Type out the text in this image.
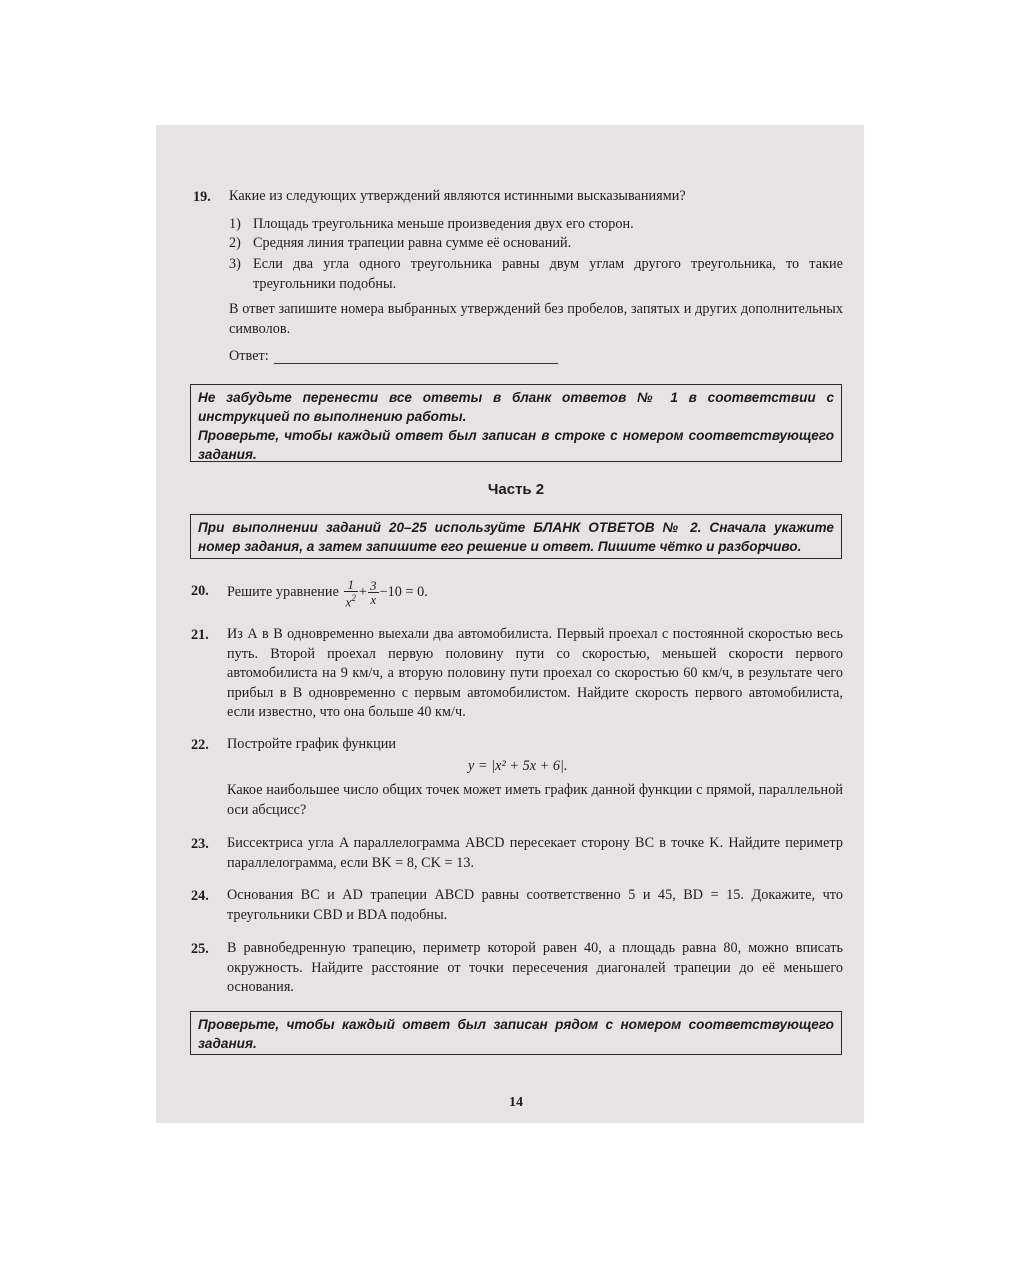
19. Какие из следующих утверждений являются истинными высказываниями?
1) Площадь треугольника меньше произведения двух его сторон.
2) Средняя линия трапеции равна сумме её оснований.
3) Если два угла одного треугольника равны двум углам другого треугольника, то такие треугольники подобны.
В ответ запишите номера выбранных утверждений без пробелов, запятых и других дополнительных символов.
Ответ:
Не забудьте перенести все ответы в бланк ответов № 1 в соответствии с инструкцией по выполнению работы.
Проверьте, чтобы каждый ответ был записан в строке с номером соответствующего задания.
Часть 2
При выполнении заданий 20–25 используйте БЛАНК ОТВЕТОВ № 2. Сначала укажите номер задания, а затем запишите его решение и ответ. Пишите чётко и разборчиво.
20. Решите уравнение $\frac{1}{x^2} + \frac{3}{x} -10 = 0$.
21. Из А в В одновременно выехали два автомобилиста. Первый проехал с постоянной скоростью весь путь. Второй проехал первую половину пути со скоростью, меньшей скорости первого автомобилиста на 9 км/ч, а вторую половину пути проехал со скоростью 60 км/ч, в результате чего прибыл в В одновременно с первым автомобилистом. Найдите скорость первого автомобилиста, если известно, что она больше 40 км/ч.
22. Постройте график функции
y = |x² + 5x + 6|.
Какое наибольшее число общих точек может иметь график данной функции с прямой, параллельной оси абсцисс?
23. Биссектриса угла A параллелограмма ABCD пересекает сторону BC в точке K. Найдите периметр параллелограмма, если BK = 8, CK = 13.
24. Основания BC и AD трапеции ABCD равны соответственно 5 и 45, BD = 15. Докажите, что треугольники CBD и BDA подобны.
25. В равнобедренную трапецию, периметр которой равен 40, а площадь равна 80, можно вписать окружность. Найдите расстояние от точки пересечения диагоналей трапеции до её меньшего основания.
Проверьте, чтобы каждый ответ был записан рядом с номером соответствующего задания.
14
